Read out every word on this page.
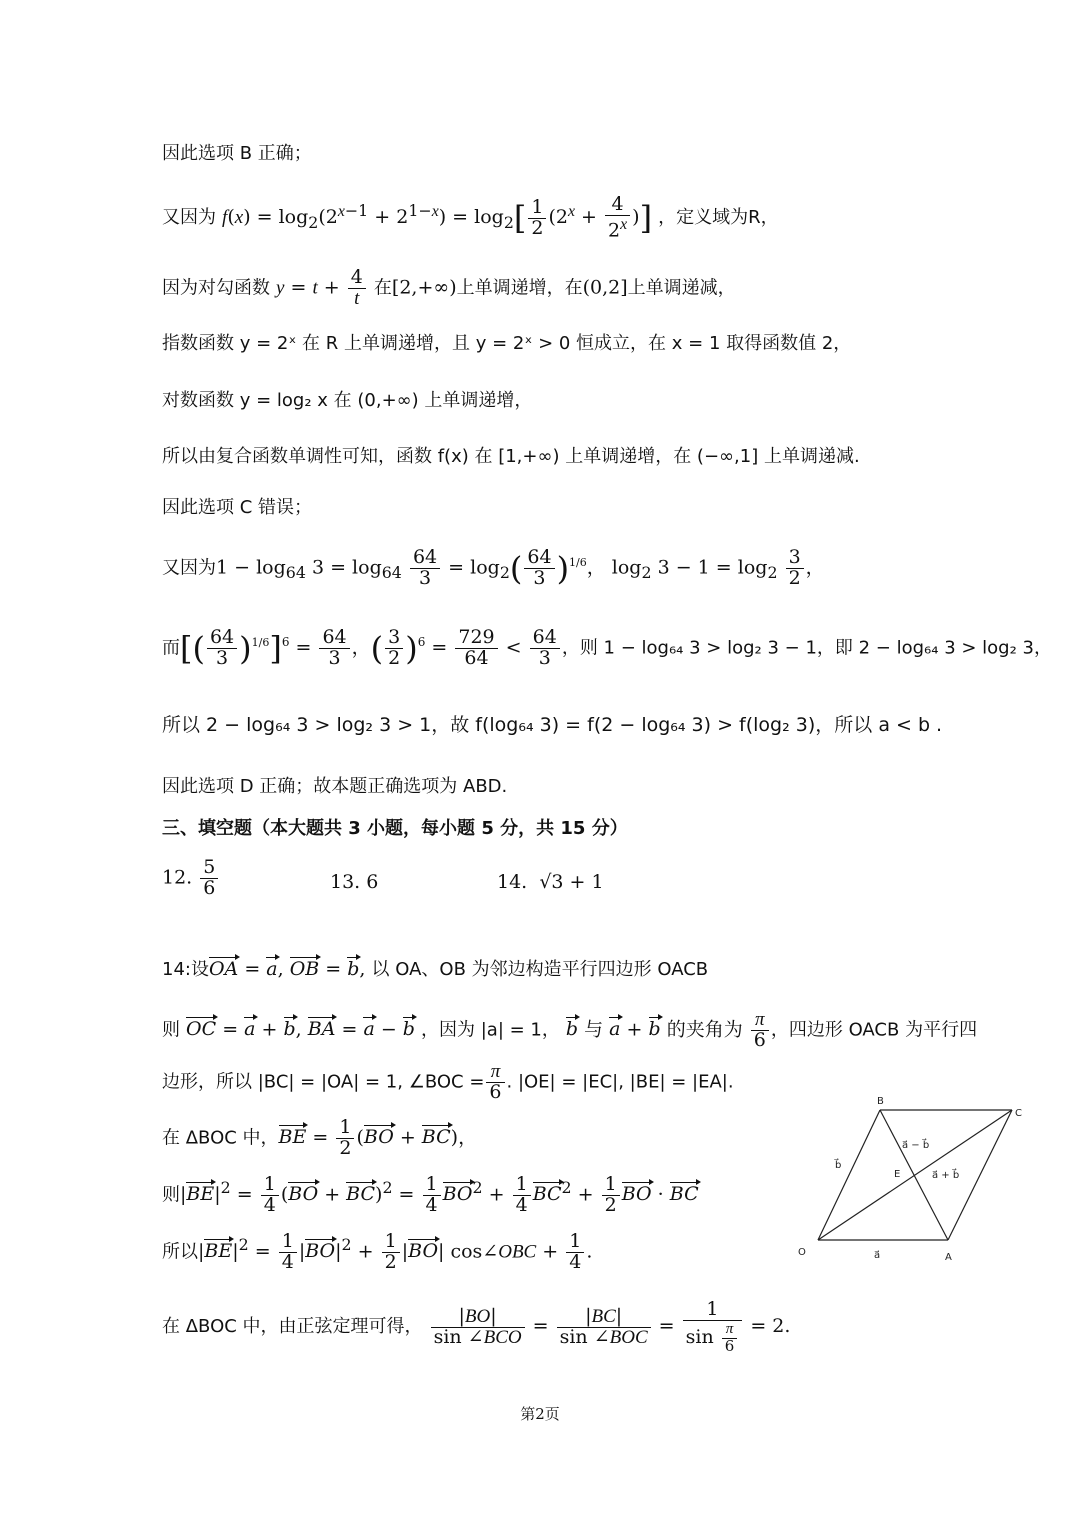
因此选项 B 正确；
又因为 $f(x) = \log_2(2^{x-1} + 2^{1-x}) = \log_2[ \frac{1}{2} (2^x + \frac{4}{2^x}$ )] ，定义域为R，
因为对勾函数 $y = t + \frac{4}{t}$ 在[2,+∞)上单调递增，在(0,2]上单调递减，
指数函数 y = 2ˣ 在 R 上单调递增，且 y = 2ˣ > 0 恒成立，在 x = 1 取得函数值 2，
对数函数 y = log₂ x 在 (0,+∞) 上单调递增，
所以由复合函数单调性可知，函数 f(x) 在 [1,+∞) 上单调递增，在 (−∞,1] 上单调递减.
因此选项 C 错误；
又因为$1 - \log_{64} 3 = \log_{64} \frac{64}{3} = \log_2( \frac{64}{3} )^{1/6}$， $\log_2 3 - 1 = \log_2 \frac{3}{2}$ ，
而[( $\frac{64}{3} )^{1/6}]^6 = \frac{64}{3}$ ，( $\frac{3}{2} )^6 = \frac{729}{64} < \frac{64}{3}$ ，则 1 − log₆₄ 3 > log₂ 3 − 1，即 2 − log₆₄ 3 > log₂ 3，
所以 2 − log₆₄ 3 > log₂ 3 > 1，故 f(log₆₄ 3) = f(2 − log₆₄ 3) > f(log₂ 3)，所以 a < b .
因此选项 D 正确；故本题正确选项为 ABD.
三、填空题（本大题共 3 小题，每小题 5 分，共 15 分）
12. $\frac{5}{6}$	13. 6	14. √3 + 1
14:设OA = a, OB = b, 以 OA、OB 为邻边构造平行四边形 OACB
则 OC = a + b, BA = a − b ，因为 |a| = 1， b 与 a + b 的夹角为 $\frac{\pi}{6}$ ，四边形 OACB 为平行四
边形，所以 |BC| = |OA| = 1, ∠BOC = $\frac{\pi}{6}$ . |OE| = |EC|, |BE| = |EA|.
在 ΔBOC 中，BE = $\frac{1}{2} (BO + BC)$，
则$|BE|^2 = \frac{1}{4} (BO + BC)^2 = \frac{1}{4} BO^2 + \frac{1}{4} BC^2 + \frac{1}{2}$ BO · BC
所以$|BE|^2 = \frac{1}{4} |BO|^2 + \frac{1}{2} |BO|$ cos∠OBC + $\frac{1}{4}$ .
在 ΔBOC 中，由正弦定理可得， $\frac{|BO|}{\text{sin ∠BCO}} = \frac{|BC|}{\text{sin ∠BOC}} = \frac{1}{\sin \frac{\pi}{6}} = 2$.
B
C
O	A
E
b⃗
a⃗
a⃗ − b⃗
a⃗ + b⃗
第2页
